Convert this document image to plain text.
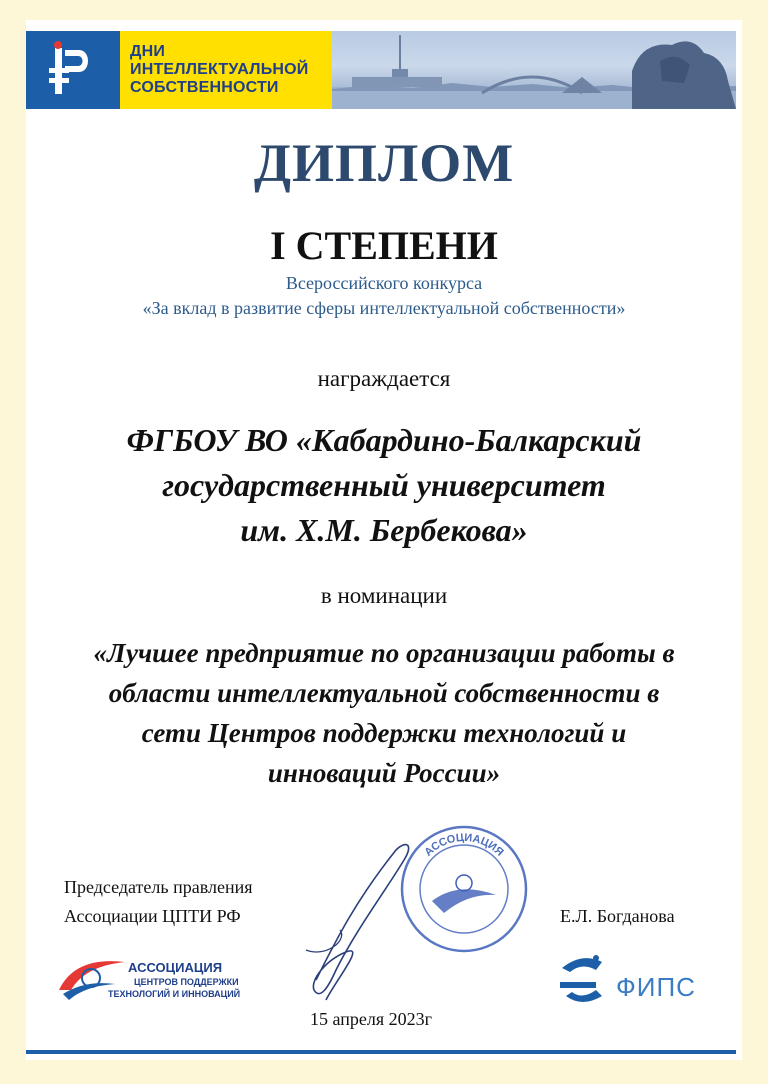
ДНИ
ИНТЕЛЛЕКТУАЛЬНОЙ
СОБСТВЕННОСТИ
ДИПЛОМ
I СТЕПЕНИ
Всероссийского конкурса
«За вклад в развитие сферы интеллектуальной собственности»
награждается
ФГБОУ ВО «Кабардино-Балкарский
государственный университет
им. Х.М. Бербекова»
в номинации
«Лучшее предприятие по организации работы в
области интеллектуальной собственности в
сети Центров поддержки технологий и
инноваций России»
Председатель правления
Ассоциации ЦПТИ РФ	Е.Л. Богданова
АССОЦИАЦИЯ
АССОЦИАЦИЯ
ЦЕНТРОВ ПОДДЕРЖКИ
ТЕХНОЛОГИЙ И ИННОВАЦИЙ	ФИПС
15 апреля 2023г
